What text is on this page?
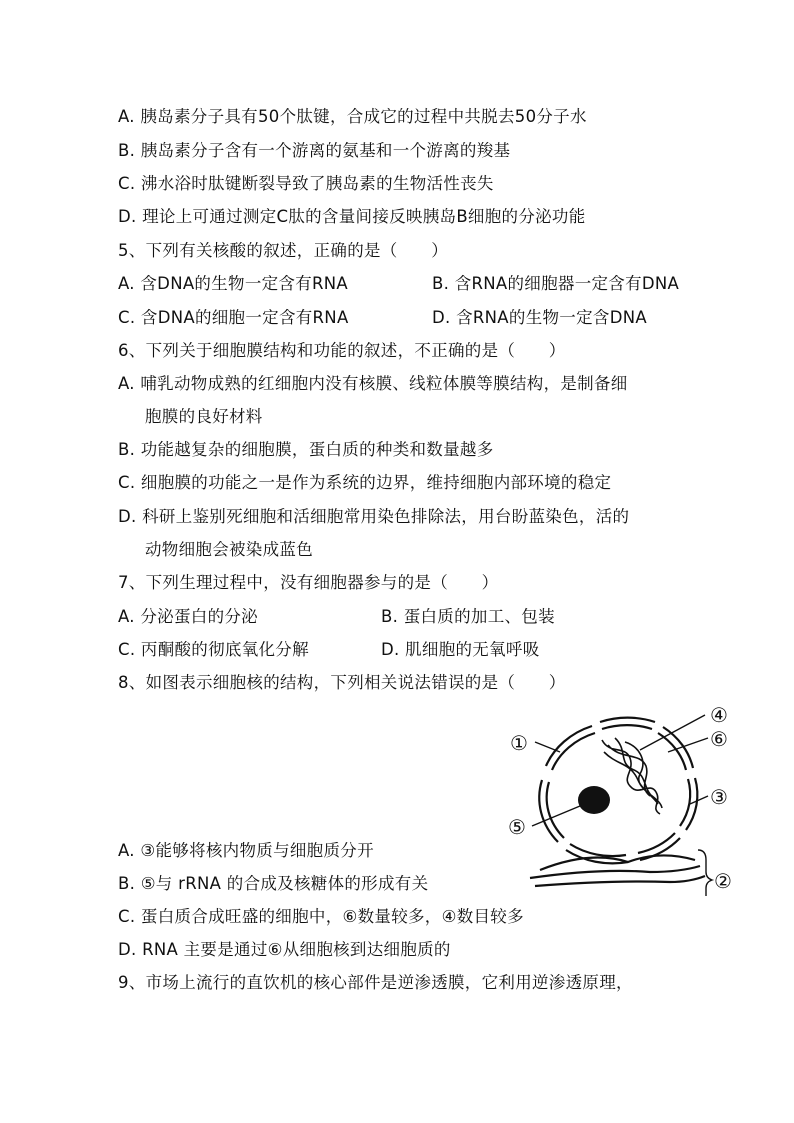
A. 胰岛素分子具有50个肽键，合成它的过程中共脱去50分子水
B. 胰岛素分子含有一个游离的氨基和一个游离的羧基
C. 沸水浴时肽键断裂导致了胰岛素的生物活性丧失
D. 理论上可通过测定C肽的含量间接反映胰岛B细胞的分泌功能
5、下列有关核酸的叙述，正确的是（　　）
A. 含DNA的生物一定含有RNA	B. 含RNA的细胞器一定含有DNA
C. 含DNA的细胞一定含有RNA	D. 含RNA的生物一定含DNA
6、下列关于细胞膜结构和功能的叙述，不正确的是（　　）
A. 哺乳动物成熟的红细胞内没有核膜、线粒体膜等膜结构，是制备细
胞膜的良好材料
B. 功能越复杂的细胞膜，蛋白质的种类和数量越多
C. 细胞膜的功能之一是作为系统的边界，维持细胞内部环境的稳定
D. 科研上鉴别死细胞和活细胞常用染色排除法，用台盼蓝染色，活的
动物细胞会被染成蓝色
7、下列生理过程中，没有细胞器参与的是（　　）
A. 分泌蛋白的分泌	B. 蛋白质的加工、包装
C. 丙酮酸的彻底氧化分解	D. 肌细胞的无氧呼吸
8、如图表示细胞核的结构，下列相关说法错误的是（　　）
A. ③能够将核内物质与细胞质分开
B. ⑤与 rRNA 的合成及核糖体的形成有关
C. 蛋白质合成旺盛的细胞中，⑥数量较多，④数目较多
D. RNA 主要是通过⑥从细胞核到达细胞质的
9、市场上流行的直饮机的核心部件是逆渗透膜，它利用逆渗透原理，
①
②
③
④
⑤
⑥
